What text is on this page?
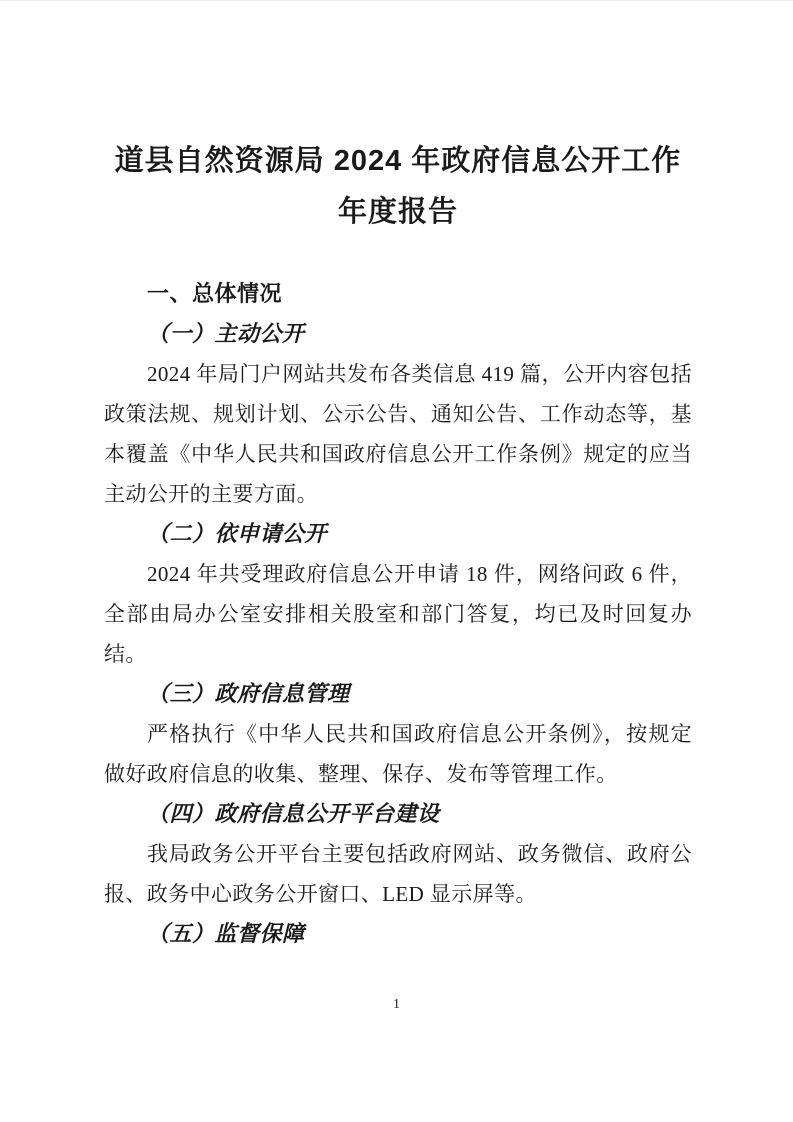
道县自然资源局 2024 年政府信息公开工作
年度报告
一、总体情况
（一）主动公开

2024 年局门户网站共发布各类信息 419 篇，公开内容包括政策法规、规划计划、公示公告、通知公告、工作动态等，基本覆盖《中华人民共和国政府信息公开工作条例》规定的应当主动公开的主要方面。

（二）依申请公开

2024 年共受理政府信息公开申请 18 件，网络问政 6 件，全部由局办公室安排相关股室和部门答复，均已及时回复办结。

（三）政府信息管理

严格执行《中华人民共和国政府信息公开条例》，按规定做好政府信息的收集、整理、保存、发布等管理工作。

（四）政府信息公开平台建设

我局政务公开平台主要包括政府网站、政务微信、政府公报、政务中心政务公开窗口、LED 显示屏等。

（五）监督保障
1
